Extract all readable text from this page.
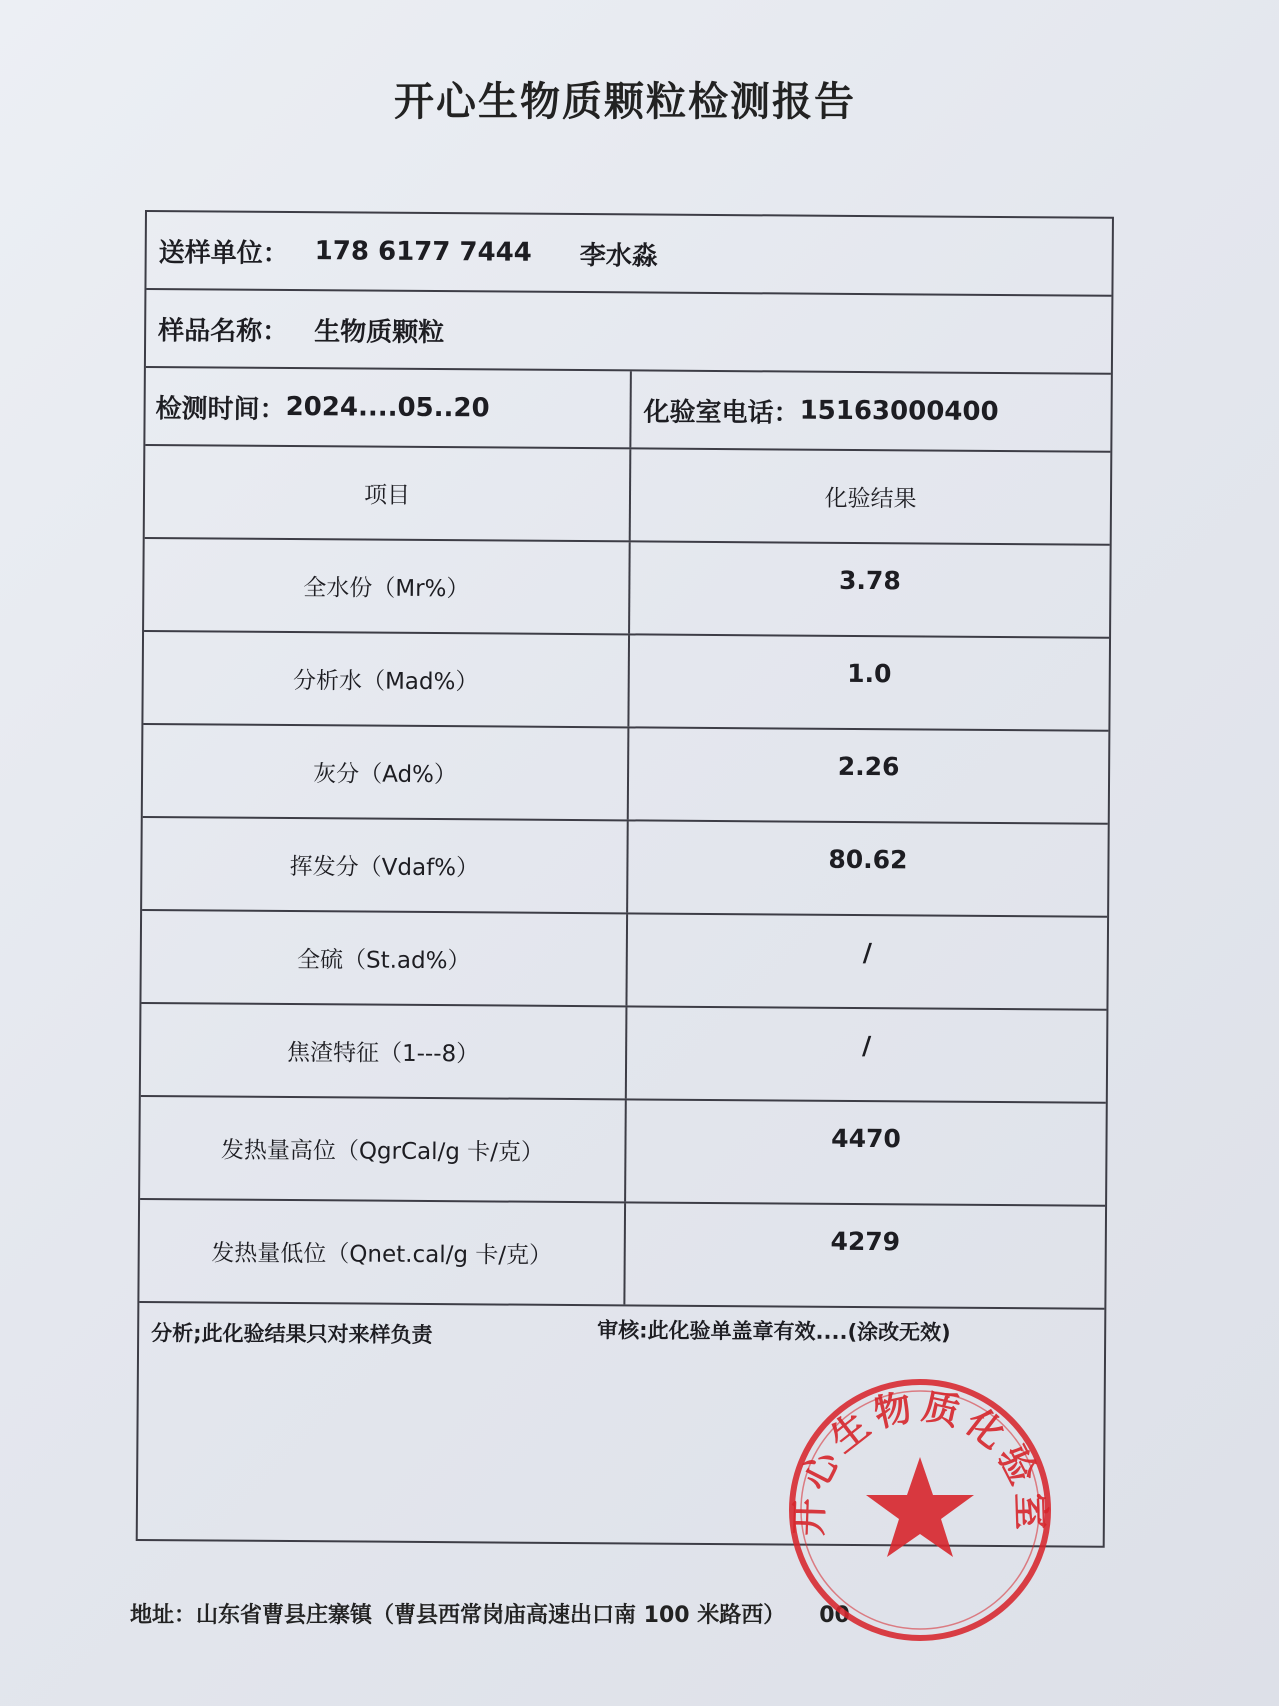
开心生物质颗粒检测报告
送样单位： 178 6177 7444 李水淼
样品名称： 生物质颗粒
检测时间： 2024....05..20	化验室电话： 15163000400
项目	化验结果
全水份（Mr%）	3.78
分析水（Mad%）	1.0
灰分（Ad%）	2.26
挥发分（Vdaf%）	80.62
全硫（St.ad%）	/
焦渣特征（1---8）	/
发热量高位（QgrCal/g 卡/克）	4470
发热量低位（Qnet.cal/g 卡/克）	4279
分析;此化验结果只对来样负责	审核:此化验单盖章有效....(涂改无效)
地址：山东省曹县庄寨镇（曹县西常岗庙高速出口南 100 米路西） 00
开心生物质化验室
